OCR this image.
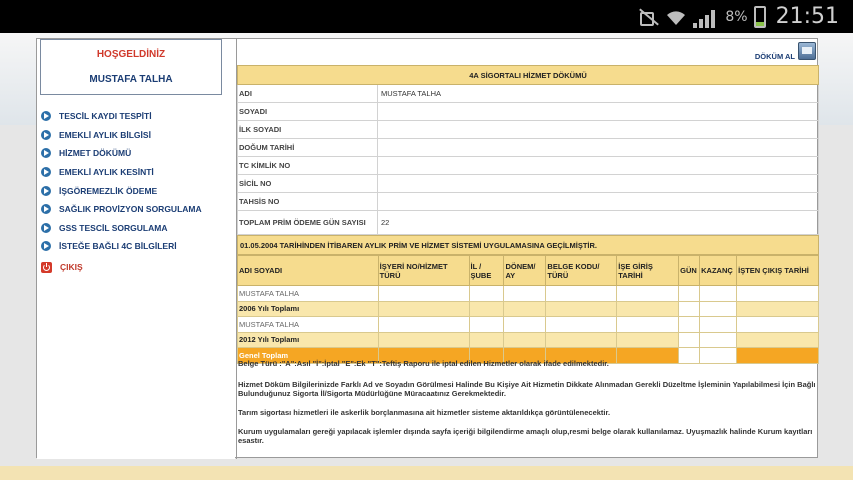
8% 21:51
HOŞGELDİNİZ
MUSTAFA TALHA
TESCİL KAYDI TESPİTİ
EMEKLİ AYLIK BİLGİSİ
HİZMET DÖKÜMÜ
EMEKLİ AYLIK KESİNTİ
İŞGÖREMEZLİK ÖDEME
SAĞLIK PROVİZYON SORGULAMA
GSS TESCİL SORGULAMA
İSTEĞE BAĞLI 4C BİLGİLERİ
ÇIKIŞ
DÖKÜM AL
4A SİGORTALI HİZMET DÖKÜMÜ
ADI	MUSTAFA TALHA
SOYADI
İLK SOYADI
DOĞUM TARİHİ
TC KİMLİK NO
SİCİL NO
TAHSİS NO
TOPLAM PRİM ÖDEME GÜN SAYISI	22
01.05.2004 TARİHİNDEN İTİBAREN AYLIK PRİM VE HİZMET SİSTEMİ UYGULAMASINA GEÇİLMİŞTİR.
ADI SOYADI	İŞYERİ NO/HİZMET TÜRÜ	İL / ŞUBE	DÖNEM/ AY	BELGE KODU/ TÜRÜ	İŞE GİRİŞ TARİHİ	GÜN	KAZANÇ	İŞTEN ÇIKIŞ TARİHİ
MUSTAFA TALHA								
2006 Yılı Toplamı								
MUSTAFA TALHA								
2012 Yılı Toplamı								
Genel Toplam								

Belge Türü :"A":Asıl "İ":İptal "E":Ek "T":Teftiş Raporu ile iptal edilen Hizmetler olarak ifade edilmektedir.

Hizmet Döküm Bilgilerinizde Farklı Ad ve Soyadın Görülmesi Halinde Bu Kişiye Ait Hizmetin Dikkate Alınmadan Gerekli Düzeltme İşleminin Yapılabilmesi İçin Bağlı Bulunduğunuz Sigorta İl/Sigorta Müdürlüğüne Müracaatınız Gerekmektedir.

Tarım sigortası hizmetleri ile askerlik borçlanmasına ait hizmetler sisteme aktarıldıkça görüntülenecektir.

Kurum uygulamaları gereği yapılacak işlemler dışında sayfa içeriği bilgilendirme amaçlı olup,resmi belge olarak kullanılamaz. Uyuşmazlık halinde Kurum kayıtları esastır.
